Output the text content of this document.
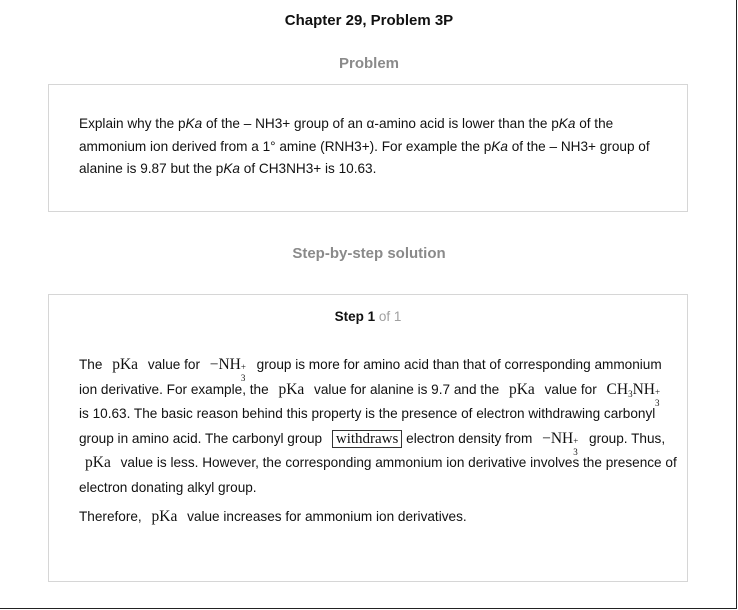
Chapter 29, Problem 3P
Problem
Explain why the pKa of the – NH3+ group of an α-amino acid is lower than the pKa of the ammonium ion derived from a 1° amine (RNH3+). For example the pKa of the – NH3+ group of alanine is 9.87 but the pKa of CH3NH3+ is 10.63.
Step-by-step solution
Step 1 of 1
The pKa value for −NH +
3
group is more for amino acid than that of corresponding ammonium ion derivative. For example, the pKa value for alanine is 9.7 and the pKa value for $CH_3NH$ +
3
is 10.63. The basic reason behind this property is the presence of electron withdrawing carbonyl group in amino acid. The carbonyl group withdraws electron density from −NH +
3
group. Thus, pKa value is less. However, the corresponding ammonium ion derivative involves the presence of electron donating alkyl group.
Therefore, pKa value increases for ammonium ion derivatives.
